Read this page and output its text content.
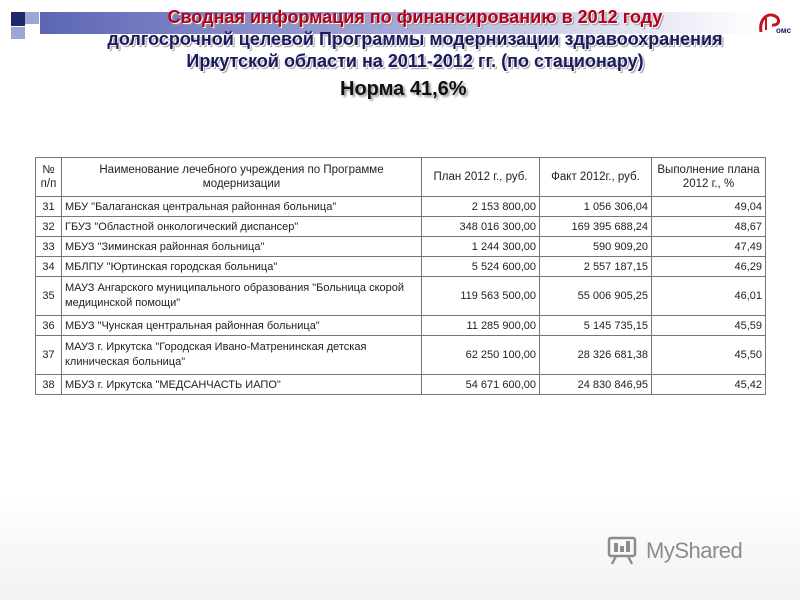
Сводная информация по финансированию в 2012 году
долгосрочной целевой Программы модернизации здравоохранения
Иркутской области на 2011-2012 гг. (по стационару)
Норма 41,6%
омс
№ п/п	Наименование лечебного учреждения по Программе модернизации	План 2012 г., руб.	Факт 2012г., руб.	Выполнение плана 2012 г., %
31	МБУ "Балаганская центральная районная больница"	2 153 800,00	1 056 306,04	49,04
32	ГБУЗ "Областной онкологический диспансер"	348 016 300,00	169 395 688,24	48,67
33	МБУЗ "Зиминская районная больница"	1 244 300,00	590 909,20	47,49
34	МБЛПУ "Юртинская городская больница"	5 524 600,00	2 557 187,15	46,29
35	МАУЗ Ангарского муниципального образования "Больница скорой медицинской помощи"	119 563 500,00	55 006 905,25	46,01
36	МБУЗ "Чунская центральная районная больница"	11 285 900,00	5 145 735,15	45,59
37	МАУЗ г. Иркутска "Городская Ивано-Матренинская детская клиническая больница"	62 250 100,00	28 326 681,38	45,50
38	МБУЗ г. Иркутска "МЕДСАНЧАСТЬ ИАПО"	54 671 600,00	24 830 846,95	45,42
MyShared
